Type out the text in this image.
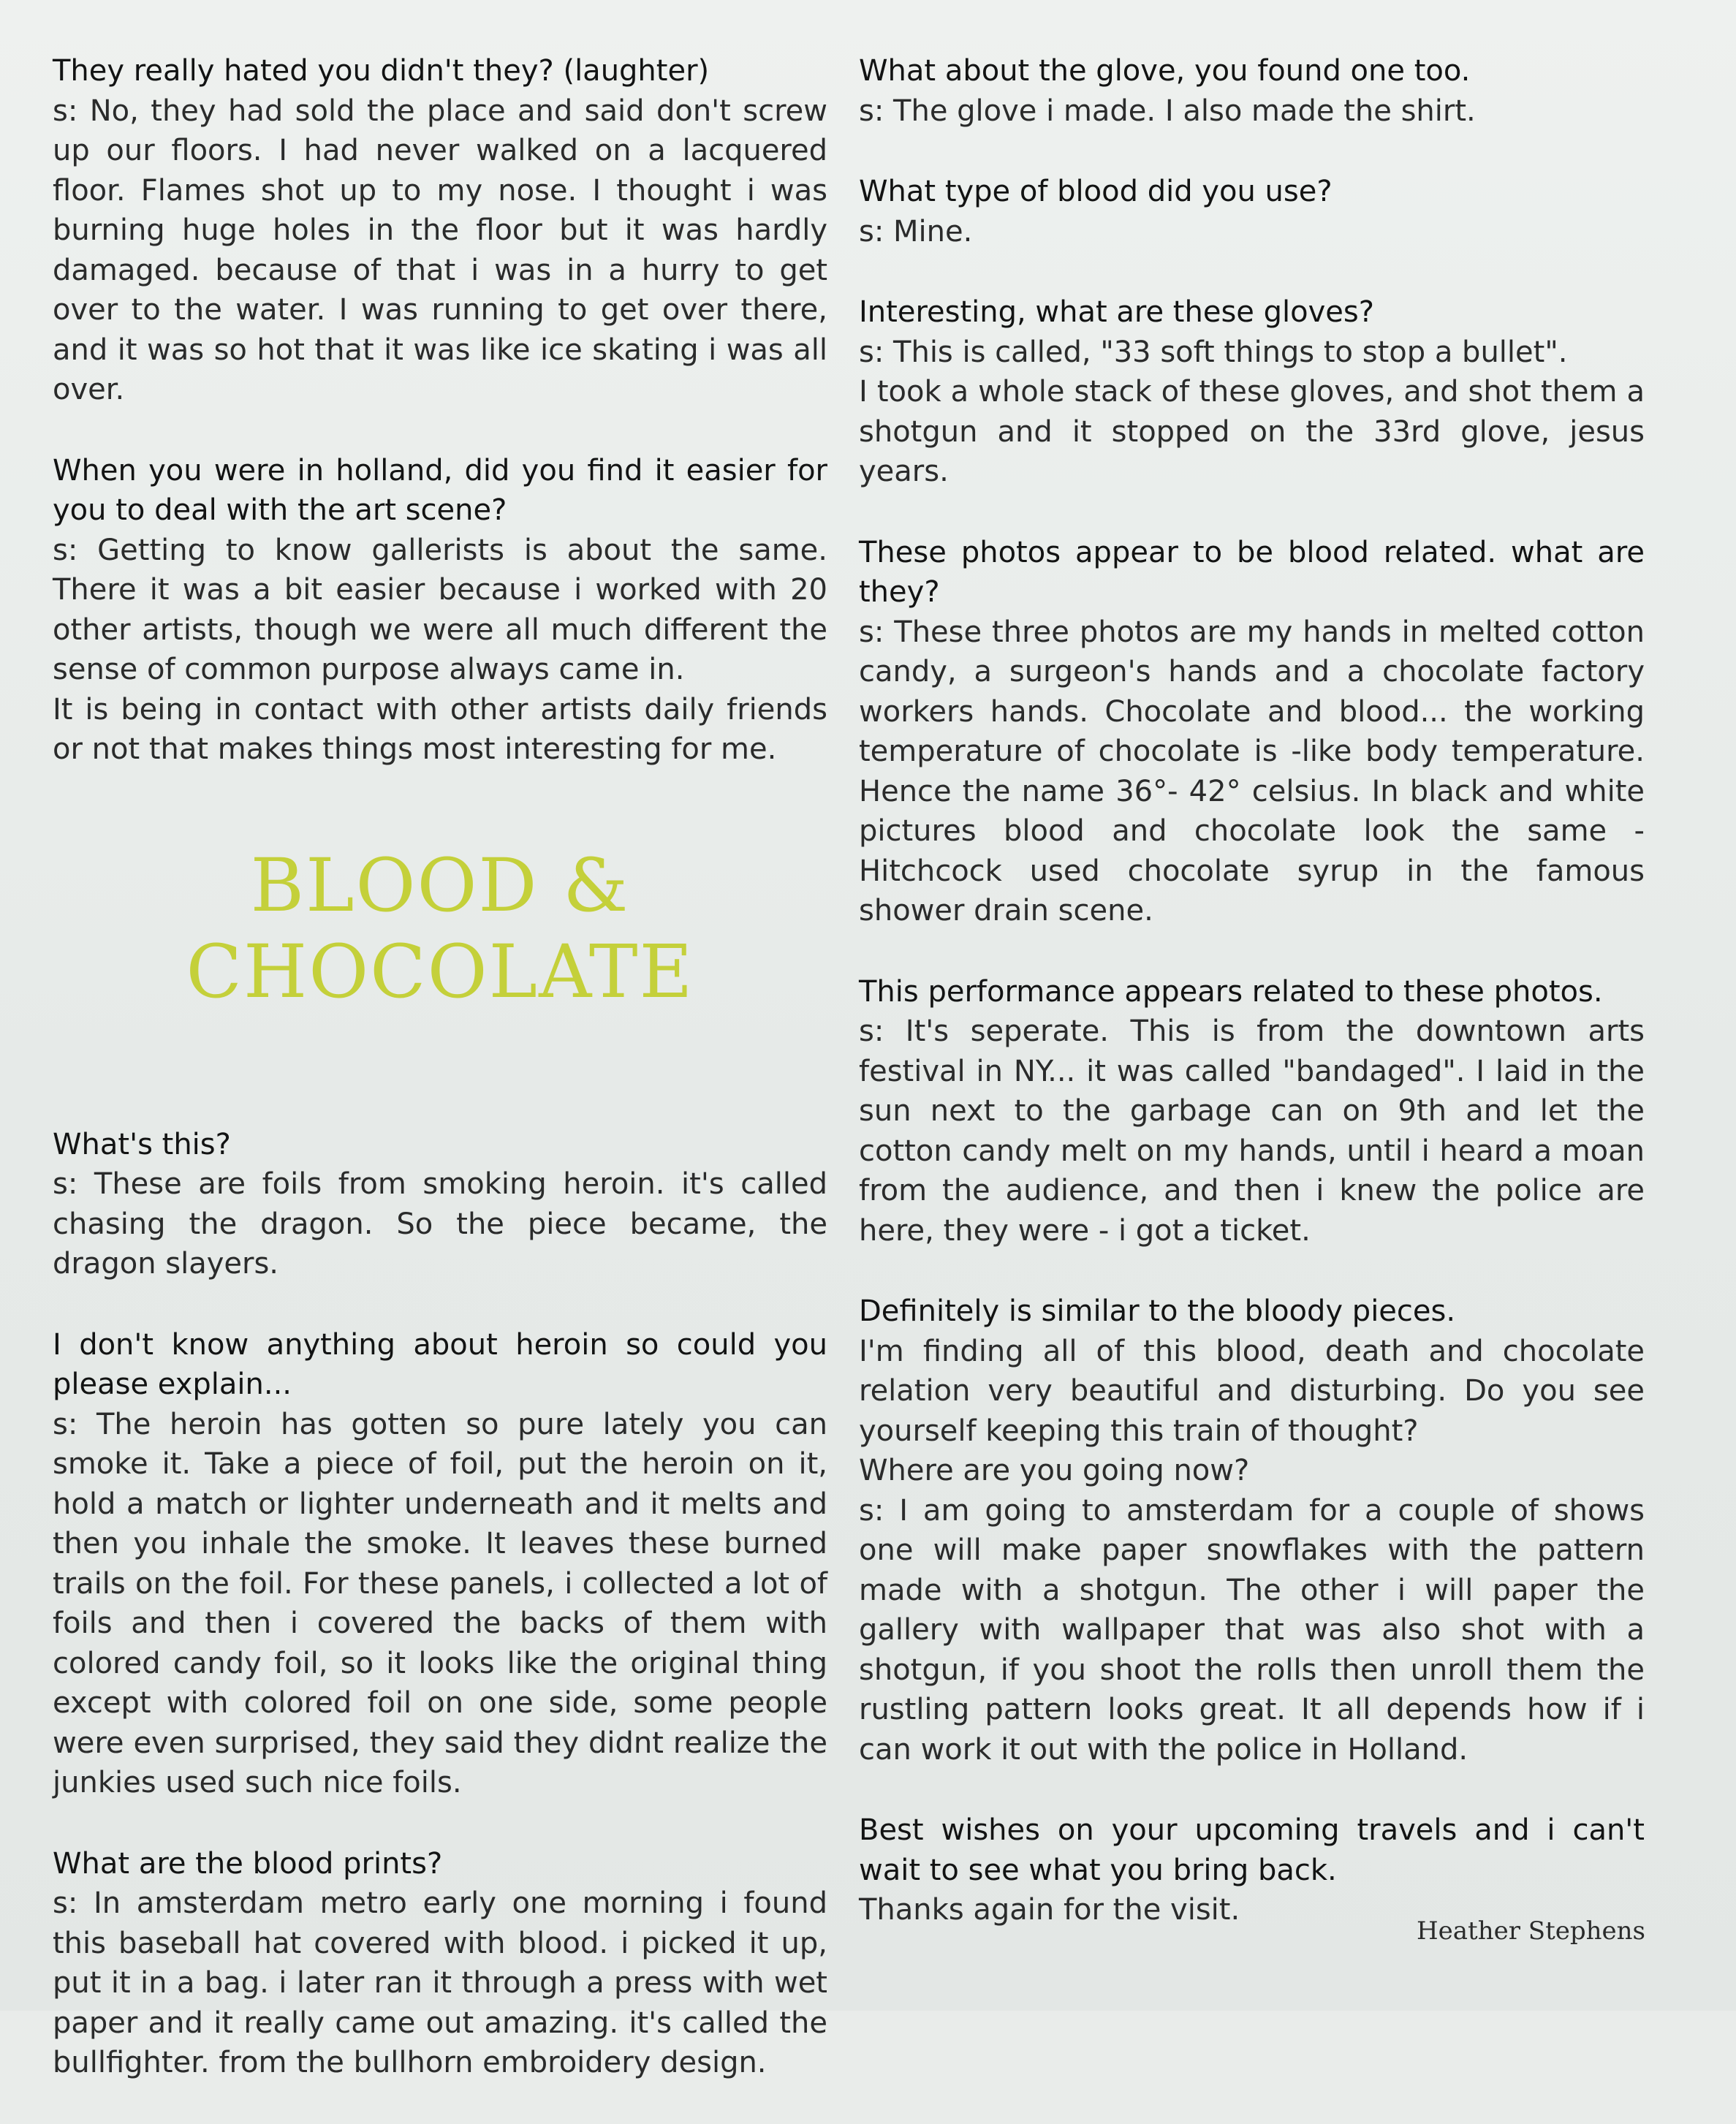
They really hated you didn't they? (laughter)

s: No, they had sold the place and said don't screw up our floors. I had never walked on a lacquered floor. Flames shot up to my nose. I thought i was burning huge holes in the floor but it was hardly damaged. because of that i was in a hurry to get over to the water. I was running to get over there, and it was so hot that it was like ice skating i was all over.

When you were in holland, did you find it easier for you to deal with the art scene?

s: Getting to know gallerists is about the same. There it was a bit easier because i worked with 20 other artists, though we were all much different the sense of common purpose always came in.

It is being in contact with other artists daily friends or not that makes things most interesting for me.

BLOOD &
CHOCOLATE

What's this?

s: These are foils from smoking heroin. it's called chasing the dragon. So the piece became, the dragon slayers.

I don't know anything about heroin so could you please explain...

s: The heroin has gotten so pure lately you can smoke it. Take a piece of foil, put the heroin on it, hold a match or lighter underneath and it melts and then you inhale the smoke. It leaves these burned trails on the foil. For these panels, i collected a lot of foils and then i covered the backs of them with colored candy foil, so it looks like the original thing except with colored foil on one side, some people were even surprised, they said they didnt realize the junkies used such nice foils.

What are the blood prints?

s: In amsterdam metro early one morning i found this baseball hat covered with blood. i picked it up, put it in a bag. i later ran it through a press with wet paper and it really came out amazing. it's called the bullfighter. from the bullhorn embroidery design.

What about the glove, you found one too.

s: The glove i made. I also made the shirt.

What type of blood did you use?

s: Mine.

Interesting, what are these gloves?

s: This is called, "33 soft things to stop a bullet".

I took a whole stack of these gloves, and shot them a shotgun and it stopped on the 33rd glove, jesus years.

These photos appear to be blood related. what are they?

s: These three photos are my hands in melted cotton candy, a surgeon's hands and a chocolate factory workers hands. Chocolate and blood... the working temperature of chocolate is -like body temperature. Hence the name 36°- 42° celsius. In black and white pictures blood and chocolate look the same - Hitchcock used chocolate syrup in the famous shower drain scene.

This performance appears related to these photos.

s: It's seperate. This is from the downtown arts festival in NY... it was called "bandaged". I laid in the sun next to the garbage can on 9th and let the cotton candy melt on my hands, until i heard a moan from the audience, and then i knew the police are here, they were - i got a ticket.

Definitely is similar to the bloody pieces.

I'm finding all of this blood, death and chocolate relation very beautiful and disturbing. Do you see yourself keeping this train of thought?

Where are you going now?

s: I am going to amsterdam for a couple of shows one will make paper snowflakes with the pattern made with a shotgun. The other i will paper the gallery with wallpaper that was also shot with a shotgun, if you shoot the rolls then unroll them the rustling pattern looks great. It all depends how if i can work it out with the police in Holland.

Best wishes on your upcoming travels and i can't wait to see what you bring back.

Thanks again for the visit.

Heather Stephens
